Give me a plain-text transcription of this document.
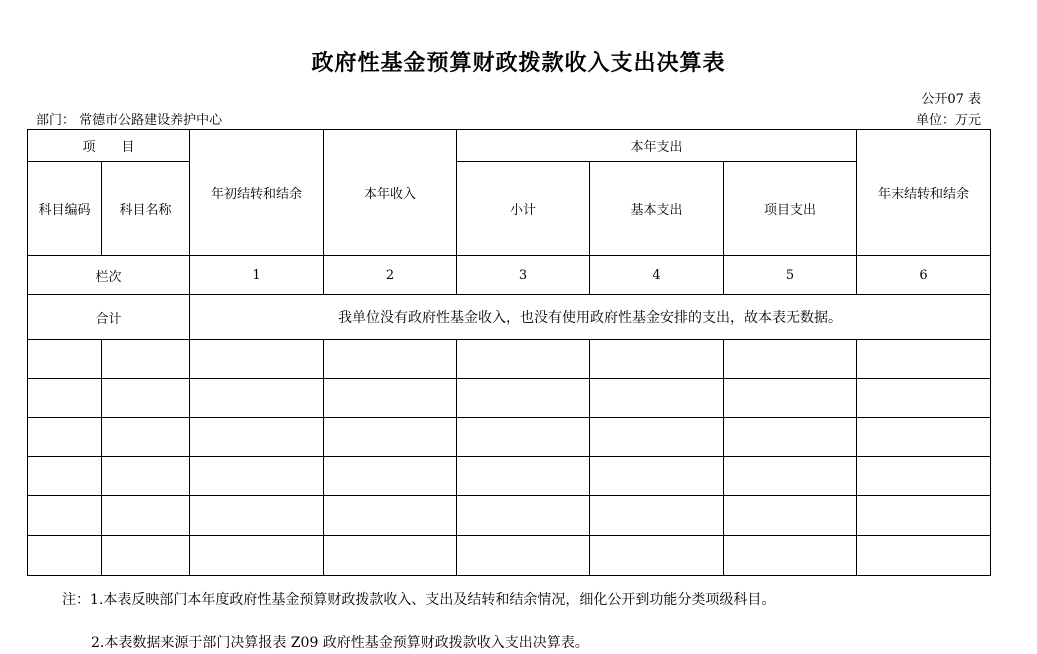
政府性基金预算财政拨款收入支出决算表
公开07 表
部门： 常德市公路建设养护中心	单位：万元
项　　目		年初结转和结余	本年收入	本年支出			年末结转和结余
科目编码	科目名称			小计	基本支出	项目支出	
栏次		1	2	3	4	5	6
合计		我单位没有政府性基金收入，也没有使用政府性基金安排的支出，故本表无数据。					

注：1.本表反映部门本年度政府性基金预算财政拨款收入、支出及结转和结余情况，细化公开到功能分类项级科目。
2.本表数据来源于部门决算报表 Z09 政府性基金预算财政拨款收入支出决算表。
